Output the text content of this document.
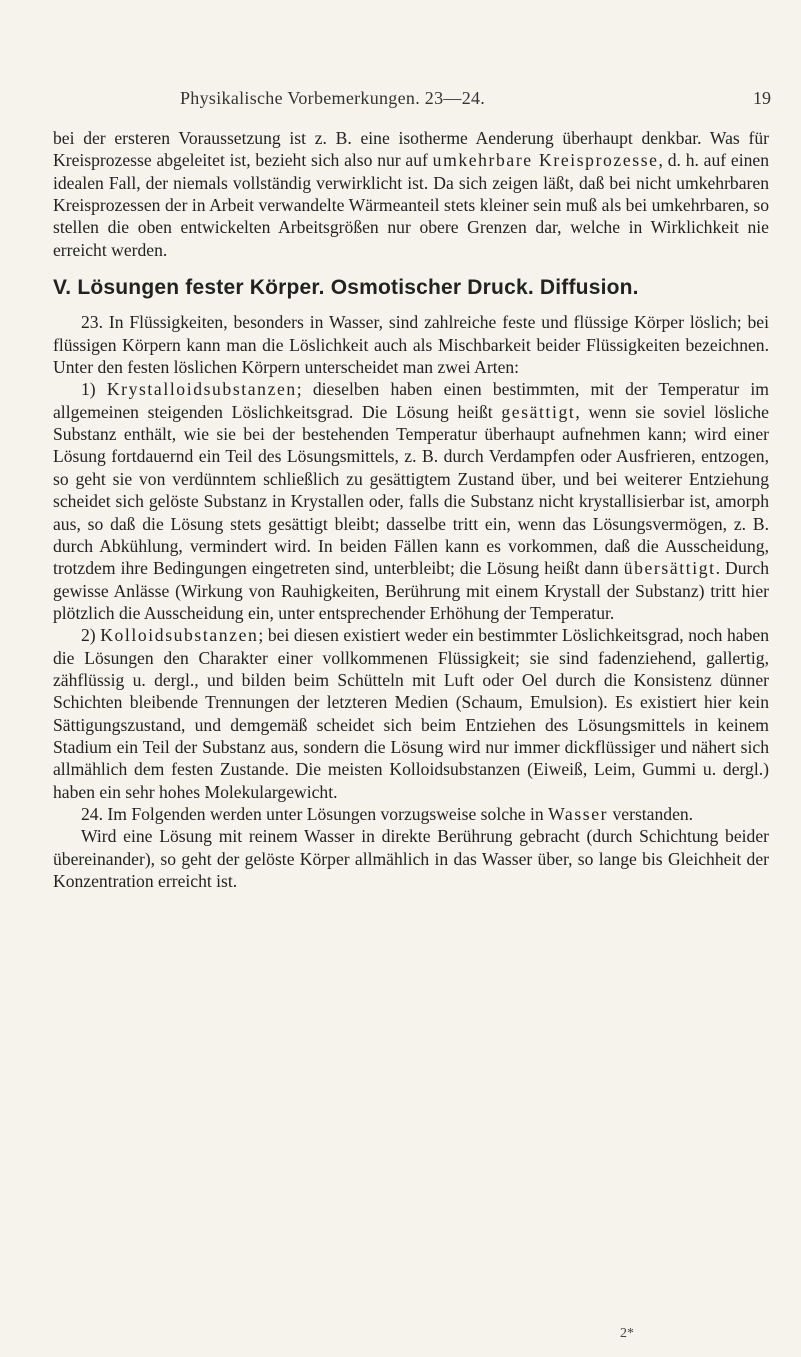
Physikalische Vorbemerkungen. 23—24.	19

bei der ersteren Voraussetzung ist z. B. eine isotherme Aenderung überhaupt denkbar. Was für Kreisprozesse abgeleitet ist, bezieht sich also nur auf umkehrbare Kreisprozesse, d. h. auf einen idealen Fall, der niemals vollständig verwirklicht ist. Da sich zeigen läßt, daß bei nicht umkehrbaren Kreisprozessen der in Arbeit verwandelte Wärmeanteil stets kleiner sein muß als bei umkehrbaren, so stellen die oben entwickelten Arbeitsgrößen nur obere Grenzen dar, welche in Wirklichkeit nie erreicht werden.

V. Lösungen fester Körper. Osmotischer Druck. Diffusion.

23. In Flüssigkeiten, besonders in Wasser, sind zahlreiche feste und flüssige Körper löslich; bei flüssigen Körpern kann man die Löslichkeit auch als Mischbarkeit beider Flüssigkeiten bezeichnen. Unter den festen löslichen Körpern unterscheidet man zwei Arten:

1) Krystalloidsubstanzen; dieselben haben einen bestimmten, mit der Temperatur im allgemeinen steigenden Löslichkeitsgrad. Die Lösung heißt gesättigt, wenn sie soviel lösliche Substanz enthält, wie sie bei der bestehenden Temperatur überhaupt aufnehmen kann; wird einer Lösung fortdauernd ein Teil des Lösungsmittels, z. B. durch Verdampfen oder Ausfrieren, entzogen, so geht sie von verdünntem schließlich zu gesättigtem Zustand über, und bei weiterer Entziehung scheidet sich gelöste Substanz in Krystallen oder, falls die Substanz nicht krystallisierbar ist, amorph aus, so daß die Lösung stets gesättigt bleibt; dasselbe tritt ein, wenn das Lösungsvermögen, z. B. durch Abkühlung, vermindert wird. In beiden Fällen kann es vorkommen, daß die Ausscheidung, trotzdem ihre Bedingungen eingetreten sind, unterbleibt; die Lösung heißt dann übersättigt. Durch gewisse Anlässe (Wirkung von Rauhigkeiten, Berührung mit einem Krystall der Substanz) tritt hier plötzlich die Ausscheidung ein, unter entsprechender Erhöhung der Temperatur.

2) Kolloidsubstanzen; bei diesen existiert weder ein bestimmter Löslichkeitsgrad, noch haben die Lösungen den Charakter einer vollkommenen Flüssigkeit; sie sind fadenziehend, gallertig, zähflüssig u. dergl., und bilden beim Schütteln mit Luft oder Oel durch die Konsistenz dünner Schichten bleibende Trennungen der letzteren Medien (Schaum, Emulsion). Es existiert hier kein Sättigungszustand, und demgemäß scheidet sich beim Entziehen des Lösungsmittels in keinem Stadium ein Teil der Substanz aus, sondern die Lösung wird nur immer dickflüssiger und nähert sich allmählich dem festen Zustande. Die meisten Kolloidsubstanzen (Eiweiß, Leim, Gummi u. dergl.) haben ein sehr hohes Molekulargewicht.

24. Im Folgenden werden unter Lösungen vorzugsweise solche in Wasser verstanden.

Wird eine Lösung mit reinem Wasser in direkte Berührung gebracht (durch Schichtung beider übereinander), so geht der gelöste Körper allmählich in das Wasser über, so lange bis Gleichheit der Konzentration erreicht ist.

2*
